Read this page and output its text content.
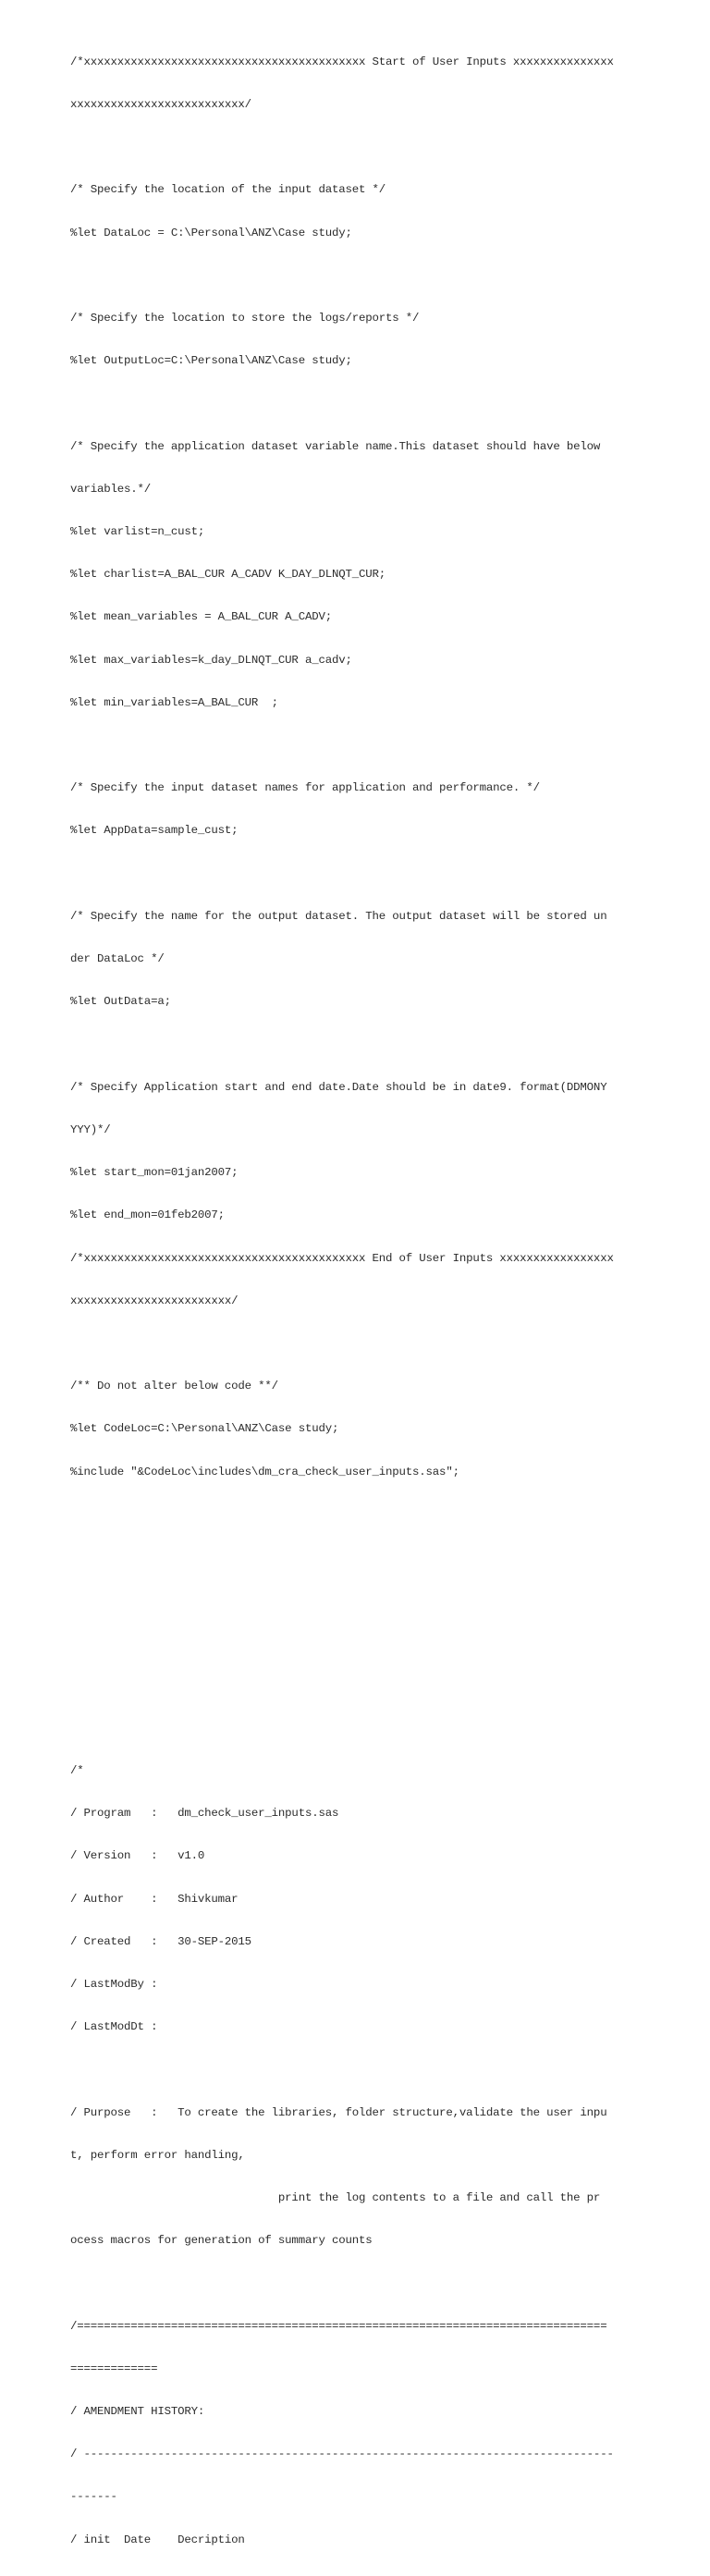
/*xxxxxxxxxxxxxxxxxxxxxxxxxxxxxxxxxxxxxxxxxx Start of User Inputs xxxxxxxxxxxxxxx

xxxxxxxxxxxxxxxxxxxxxxxxxx/

/* Specify the location of the input dataset */

%let DataLoc = C:\Personal\ANZ\Case study;

/* Specify the location to store the logs/reports */

%let OutputLoc=C:\Personal\ANZ\Case study;

/* Specify the application dataset variable name.This dataset should have below

variables.*/

%let varlist=n_cust;

%let charlist=A_BAL_CUR A_CADV K_DAY_DLNQT_CUR;

%let mean_variables = A_BAL_CUR A_CADV;

%let max_variables=k_day_DLNQT_CUR a_cadv;

%let min_variables=A_BAL_CUR  ;

/* Specify the input dataset names for application and performance. */

%let AppData=sample_cust;

/* Specify the name for the output dataset. The output dataset will be stored un

der DataLoc */

%let OutData=a;

/* Specify Application start and end date.Date should be in date9. format(DDMONY

YYY)*/

%let start_mon=01jan2007;

%let end_mon=01feb2007;

/*xxxxxxxxxxxxxxxxxxxxxxxxxxxxxxxxxxxxxxxxxx End of User Inputs xxxxxxxxxxxxxxxxx

xxxxxxxxxxxxxxxxxxxxxxxx/

/** Do not alter below code **/

%let CodeLoc=C:\Personal\ANZ\Case study;

%include "&CodeLoc\includes\dm_cra_check_user_inputs.sas";

/*

/ Program   :   dm_check_user_inputs.sas

/ Version   :   v1.0

/ Author    :   Shivkumar

/ Created   :   30-SEP-2015

/ LastModBy :

/ LastModDt :

/ Purpose   :   To create the libraries, folder structure,validate the user inpu

t, perform error handling,

print the log contents to a file and call the pr

ocess macros for generation of summary counts

/===============================================================================

=============

/ AMENDMENT HISTORY:

/ -------------------------------------------------------------------------------

-------

/ init  Date    Decription
